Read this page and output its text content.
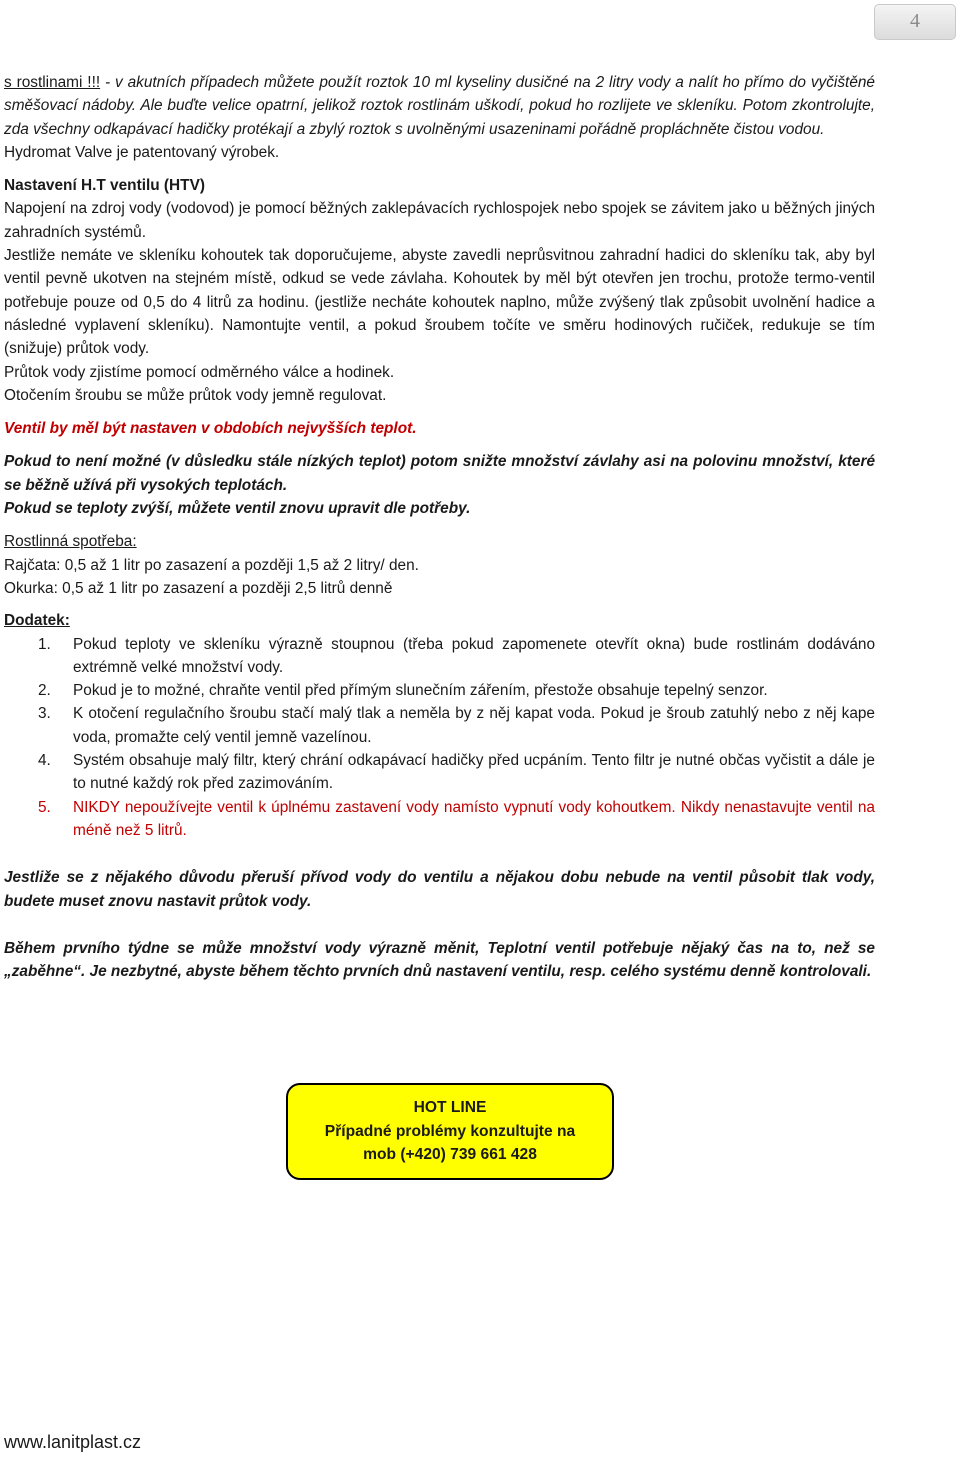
4

s rostlinami !!! - v akutních případech můžete použít roztok 10 ml kyseliny dusičné na 2 litry vody a nalít ho přímo do vyčištěné směšovací nádoby. Ale buďte velice opatrní, jelikož roztok rostlinám uškodí, pokud ho rozlijete ve skleníku. Potom zkontrolujte, zda všechny odkapávací hadičky protékají a zbylý roztok s uvolněnými usazeninami pořádně propláchněte čistou vodou.

Hydromat Valve je patentovaný výrobek.

Nastavení H.T ventilu (HTV)

Napojení na zdroj vody (vodovod) je pomocí běžných zaklepávacích rychlospojek nebo spojek se závitem jako u běžných jiných zahradních systémů.

Jestliže nemáte ve skleníku kohoutek tak doporučujeme, abyste zavedli neprůsvitnou zahradní hadici do skleníku tak, aby byl ventil pevně ukotven na stejném místě, odkud se vede závlaha. Kohoutek by měl být otevřen jen trochu, protože termo-ventil potřebuje pouze od 0,5 do 4 litrů za hodinu. (jestliže necháte kohoutek naplno, může zvýšený tlak způsobit uvolnění hadice a následné vyplavení skleníku). Namontujte ventil, a pokud šroubem točíte ve směru hodinových ručiček, redukuje se tím (snižuje) průtok vody.

Průtok vody zjistíme pomocí odměrného válce a hodinek.

Otočením šroubu se může průtok vody jemně regulovat.

Ventil by měl být nastaven v obdobích nejvyšších teplot.

Pokud to není možné (v důsledku stále nízkých teplot) potom snižte množství závlahy asi na polovinu množství, které se běžně užívá při vysokých teplotách.

Pokud se teploty zvýší, můžete ventil znovu upravit dle potřeby.

Rostlinná spotřeba:

Rajčata: 0,5 až 1 litr po zasazení a později 1,5 až 2 litry/ den.

Okurka: 0,5 až 1 litr po zasazení a později 2,5 litrů denně

Dodatek:

1. Pokud teploty ve skleníku výrazně stoupnou (třeba pokud zapomenete otevřít okna) bude rostlinám dodáváno extrémně velké množství vody.
2. Pokud je to možné, chraňte ventil před přímým slunečním zářením, přestože obsahuje tepelný senzor.
3. K otočení regulačního šroubu stačí malý tlak a neměla by z něj kapat voda. Pokud je šroub zatuhlý nebo z něj kape voda, promažte celý ventil jemně vazelínou.
4. Systém obsahuje malý filtr, který chrání odkapávací hadičky před ucpáním. Tento filtr je nutné občas vyčistit a dále je to nutné každý rok před zazimováním.
5. NIKDY nepoužívejte ventil k úplnému zastavení vody namísto vypnutí vody kohoutkem. Nikdy nenastavujte ventil na méně než 5 litrů.

Jestliže se z nějakého důvodu přeruší přívod vody do ventilu a nějakou dobu nebude na ventil působit tlak vody, budete muset znovu nastavit průtok vody.

Během prvního týdne se může množství vody výrazně měnit, Teplotní ventil potřebuje nějaký čas na to, než se „zaběhne“. Je nezbytné, abyste během těchto prvních dnů nastavení ventilu, resp. celého systému denně kontrolovali.

HOT LINE
Případné problémy konzultujte na
mob (+420) 739 661 428
www.lanitplast.cz
